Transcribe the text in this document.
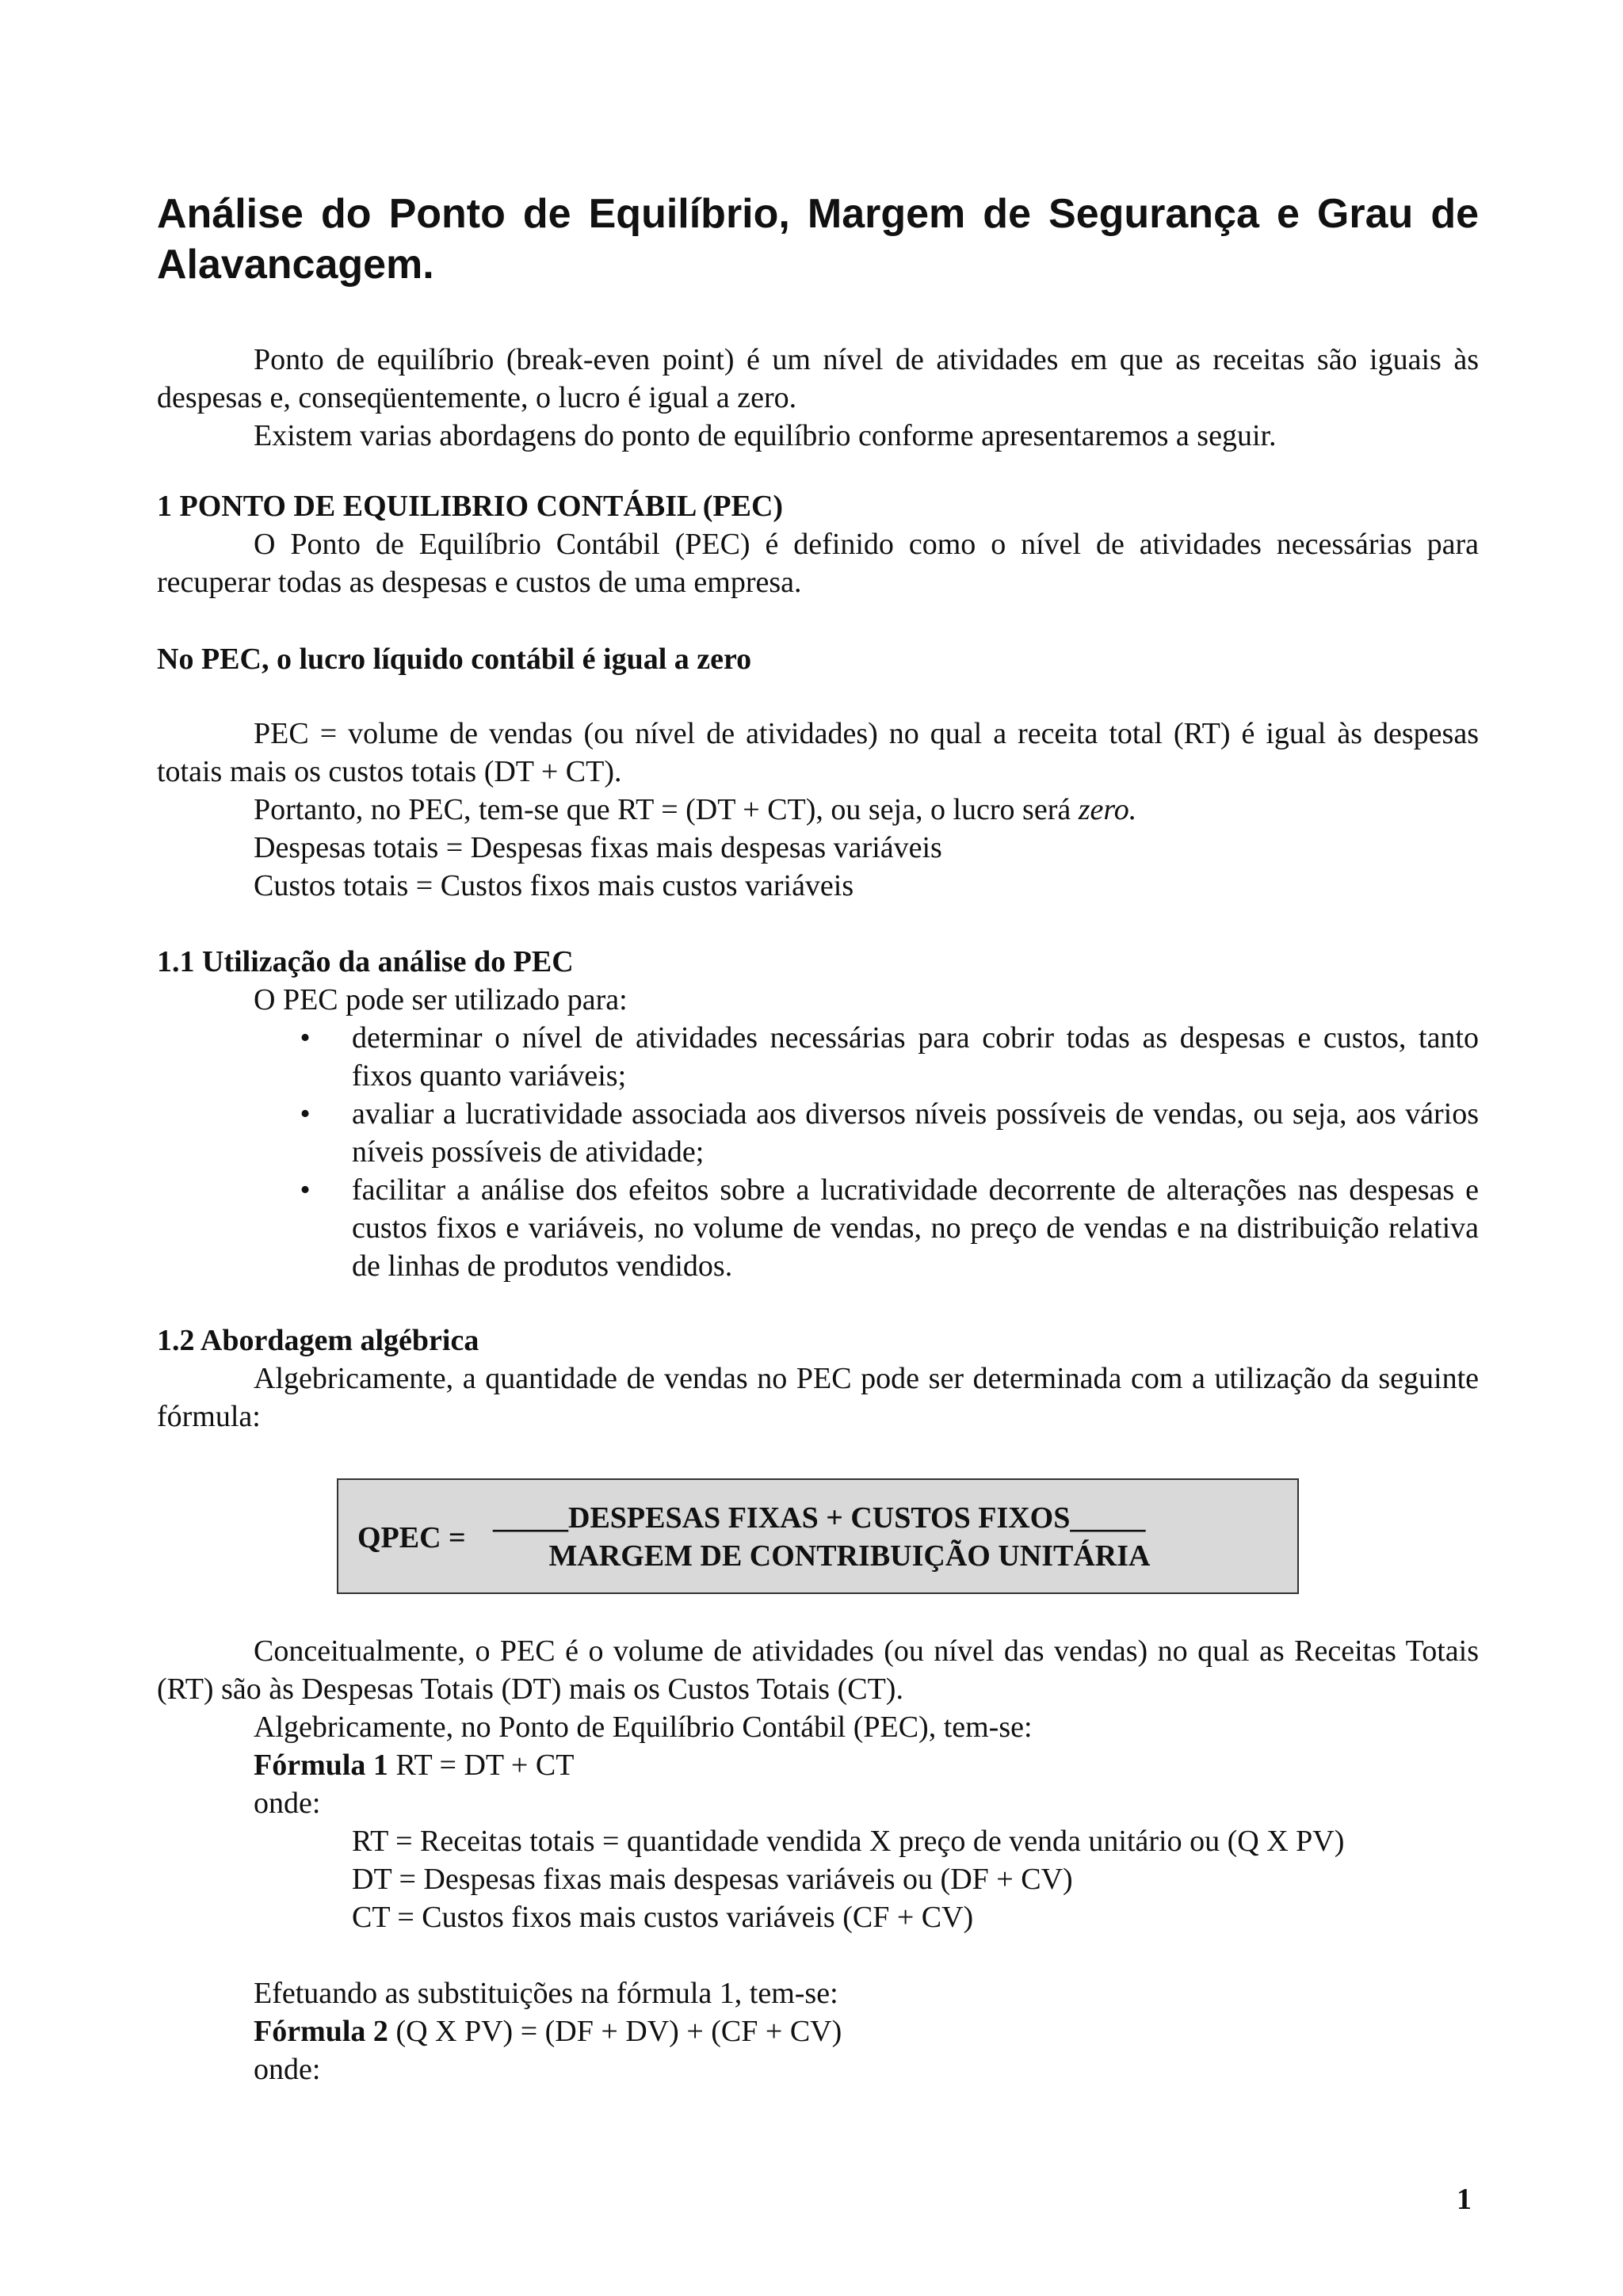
Análise do Ponto de Equilíbrio, Margem de Segurança e Grau de Alavancagem.

Ponto de equilíbrio (break-even point) é um nível de atividades em que as receitas são iguais às despesas e, conseqüentemente, o lucro é igual a zero.

Existem varias abordagens do ponto de equilíbrio conforme apresentaremos a seguir.

1 PONTO DE EQUILIBRIO CONTÁBIL (PEC)

O Ponto de Equilíbrio Contábil (PEC) é definido como o nível de atividades necessárias para recuperar todas as despesas e custos de uma empresa.

No PEC, o lucro líquido contábil é igual a zero

PEC = volume de vendas (ou nível de atividades) no qual a receita total (RT) é igual às despesas totais mais os custos totais (DT + CT).

Portanto, no PEC, tem-se que RT = (DT + CT), ou seja, o lucro será zero.

Despesas totais = Despesas fixas mais despesas variáveis

Custos totais = Custos fixos mais custos variáveis

1.1 Utilização da análise do PEC

O PEC pode ser utilizado para:

• determinar o nível de atividades necessárias para cobrir todas as despesas e custos, tanto fixos quanto variáveis;
• avaliar a lucratividade associada aos diversos níveis possíveis de vendas, ou seja, aos vários níveis possíveis de atividade;
• facilitar a análise dos efeitos sobre a lucratividade decorrente de alterações nas despesas e custos fixos e variáveis, no volume de vendas, no preço de vendas e na distribuição relativa de linhas de produtos vendidos.

1.2 Abordagem algébrica

Algebricamente, a quantidade de vendas no PEC pode ser determinada com a utilização da seguinte fórmula:

QPEC =
_____DESPESAS FIXAS + CUSTOS FIXOS_____
MARGEM DE CONTRIBUIÇÃO UNITÁRIA

Conceitualmente, o PEC é o volume de atividades (ou nível das vendas) no qual as Receitas Totais (RT) são às Despesas Totais (DT) mais os Custos Totais (CT).

Algebricamente, no Ponto de Equilíbrio Contábil (PEC), tem-se:

Fórmula 1 RT = DT + CT

onde:

RT = Receitas totais = quantidade vendida X preço de venda unitário ou (Q X PV)

DT = Despesas fixas mais despesas variáveis ou (DF + CV)

CT = Custos fixos mais custos variáveis (CF + CV)

Efetuando as substituições na fórmula 1, tem-se:

Fórmula 2 (Q X PV) = (DF + DV) + (CF + CV)

onde:

1
